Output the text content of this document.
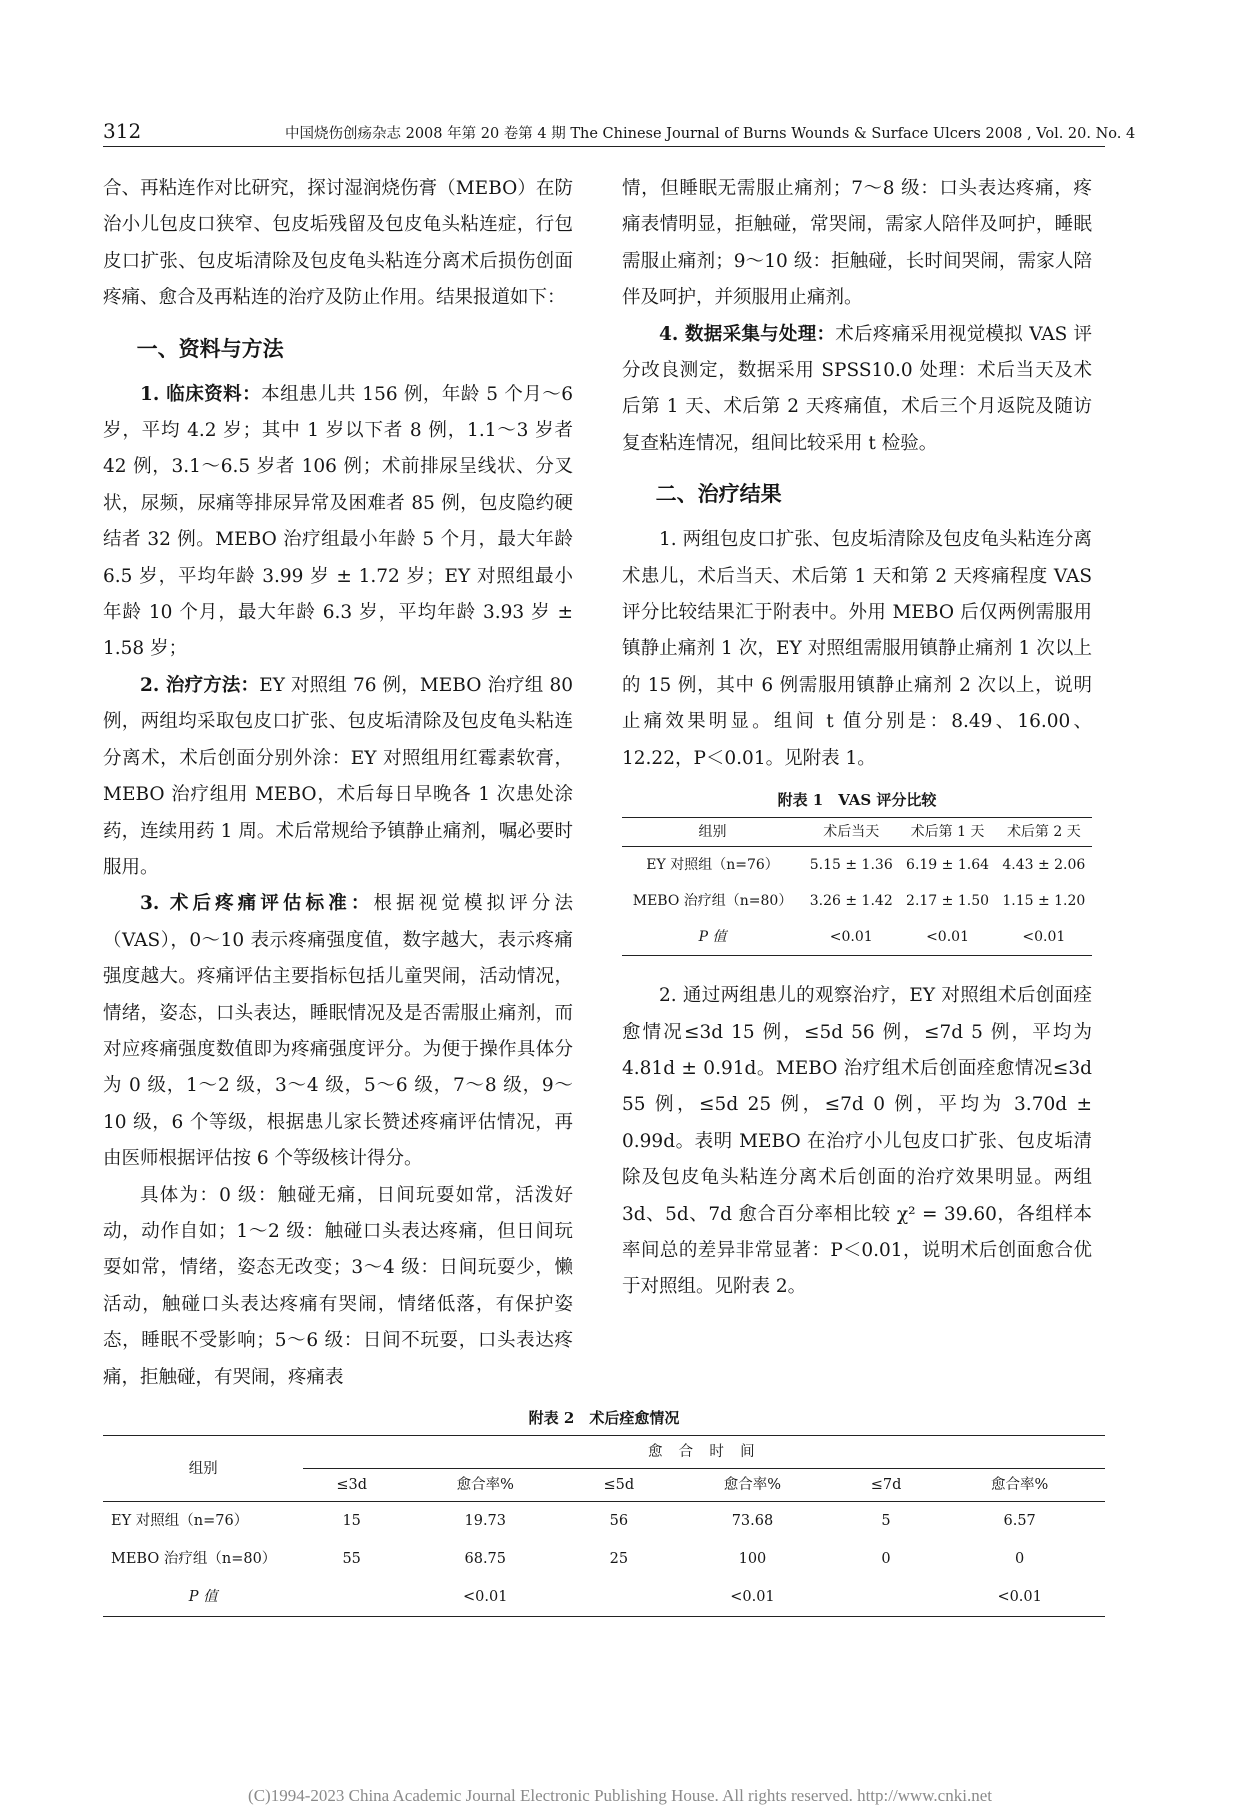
312	中国烧伤创疡杂志 2008 年第 20 卷第 4 期 The Chinese Journal of Burns Wounds & Surface Ulcers 2008 , Vol. 20. No. 4

合、再粘连作对比研究，探讨湿润烧伤膏（MEBO）在防治小儿包皮口狭窄、包皮垢残留及包皮龟头粘连症，行包皮口扩张、包皮垢清除及包皮龟头粘连分离术后损伤创面疼痛、愈合及再粘连的治疗及防止作用。结果报道如下：

一、资料与方法

1. 临床资料：本组患儿共 156 例，年龄 5 个月～6 岁，平均 4.2 岁；其中 1 岁以下者 8 例，1.1～3 岁者 42 例，3.1～6.5 岁者 106 例；术前排尿呈线状、分叉状，尿频，尿痛等排尿异常及困难者 85 例，包皮隐约硬结者 32 例。MEBO 治疗组最小年龄 5 个月，最大年龄 6.5 岁，平均年龄 3.99 岁 ± 1.72 岁；EY 对照组最小年龄 10 个月，最大年龄 6.3 岁，平均年龄 3.93 岁 ± 1.58 岁；

2. 治疗方法：EY 对照组 76 例，MEBO 治疗组 80 例，两组均采取包皮口扩张、包皮垢清除及包皮龟头粘连分离术，术后创面分别外涂：EY 对照组用红霉素软膏，MEBO 治疗组用 MEBO，术后每日早晚各 1 次患处涂药，连续用药 1 周。术后常规给予镇静止痛剂，嘱必要时服用。

3. 术后疼痛评估标准：根据视觉模拟评分法（VAS），0～10 表示疼痛强度值，数字越大，表示疼痛强度越大。疼痛评估主要指标包括儿童哭闹，活动情况，情绪，姿态，口头表达，睡眠情况及是否需服止痛剂，而对应疼痛强度数值即为疼痛强度评分。为便于操作具体分为 0 级，1～2 级，3～4 级，5～6 级，7～8 级，9～10 级，6 个等级，根据患儿家长赞述疼痛评估情况，再由医师根据评估按 6 个等级核计得分。

具体为：0 级：触碰无痛，日间玩耍如常，活泼好动，动作自如；1～2 级：触碰口头表达疼痛，但日间玩耍如常，情绪，姿态无改变；3～4 级：日间玩耍少，懒活动，触碰口头表达疼痛有哭闹，情绪低落，有保护姿态，睡眠不受影响；5～6 级：日间不玩耍，口头表达疼痛，拒触碰，有哭闹，疼痛表

情，但睡眠无需服止痛剂；7～8 级：口头表达疼痛，疼痛表情明显，拒触碰，常哭闹，需家人陪伴及呵护，睡眠需服止痛剂；9～10 级：拒触碰，长时间哭闹，需家人陪伴及呵护，并须服用止痛剂。

4. 数据采集与处理：术后疼痛采用视觉模拟 VAS 评分改良测定，数据采用 SPSS10.0 处理：术后当天及术后第 1 天、术后第 2 天疼痛值，术后三个月返院及随访复查粘连情况，组间比较采用 t 检验。

二、治疗结果

1. 两组包皮口扩张、包皮垢清除及包皮龟头粘连分离术患儿，术后当天、术后第 1 天和第 2 天疼痛程度 VAS 评分比较结果汇于附表中。外用 MEBO 后仅两例需服用镇静止痛剂 1 次，EY 对照组需服用镇静止痛剂 1 次以上的 15 例，其中 6 例需服用镇静止痛剂 2 次以上，说明止痛效果明显。组间 t 值分别是：8.49、16.00、12.22，P＜0.01。见附表 1。

附表 1　VAS 评分比较
组别	术后当天	术后第 1 天	术后第 2 天
EY 对照组（n=76）	5.15 ± 1.36	6.19 ± 1.64	4.43 ± 2.06
MEBO 治疗组（n=80）	3.26 ± 1.42	2.17 ± 1.50	1.15 ± 1.20
P 值	<0.01	<0.01	<0.01

2. 通过两组患儿的观察治疗，EY 对照组术后创面痊愈情况≤3d 15 例，≤5d 56 例，≤7d 5 例，平均为 4.81d ± 0.91d。MEBO 治疗组术后创面痊愈情况≤3d 55 例，≤5d 25 例，≤7d 0 例，平均为 3.70d ± 0.99d。表明 MEBO 在治疗小儿包皮口扩张、包皮垢清除及包皮龟头粘连分离术后创面的治疗效果明显。两组 3d、5d、7d 愈合百分率相比较 χ² = 39.60，各组样本率间总的差异非常显著：P＜0.01，说明术后创面愈合优于对照组。见附表 2。

附表 2　术后痊愈情况
组别	愈 合 时 间					
	≤3d	愈合率%	≤5d	愈合率%	≤7d	愈合率%
EY 对照组（n=76）	15	19.73	56	73.68	5	6.57
MEBO 治疗组（n=80）	55	68.75	25	100	0	0
P 值		<0.01		<0.01		<0.01
(C)1994-2023 China Academic Journal Electronic Publishing House. All rights reserved. http://www.cnki.net
